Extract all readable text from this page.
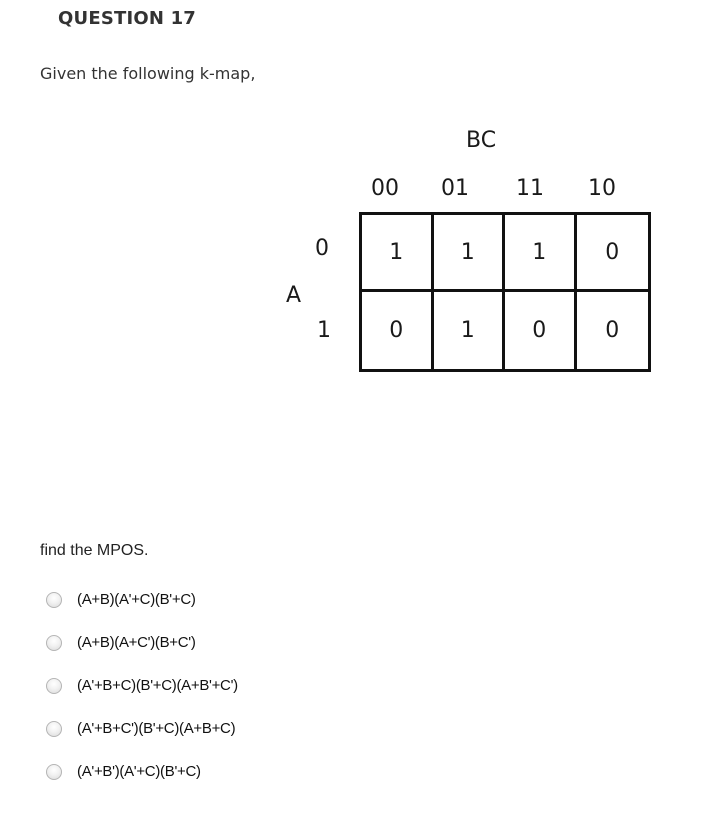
QUESTION 17
Given the following k-map,
BC
00 01 11 10
A
0
1
1	1	1	0
0	1	0	0
find the MPOS.
(A+B)(A'+C)(B'+C)
(A+B)(A+C')(B+C')
(A'+B+C)(B'+C)(A+B'+C')
(A'+B+C')(B'+C)(A+B+C)
(A'+B')(A'+C)(B'+C)
